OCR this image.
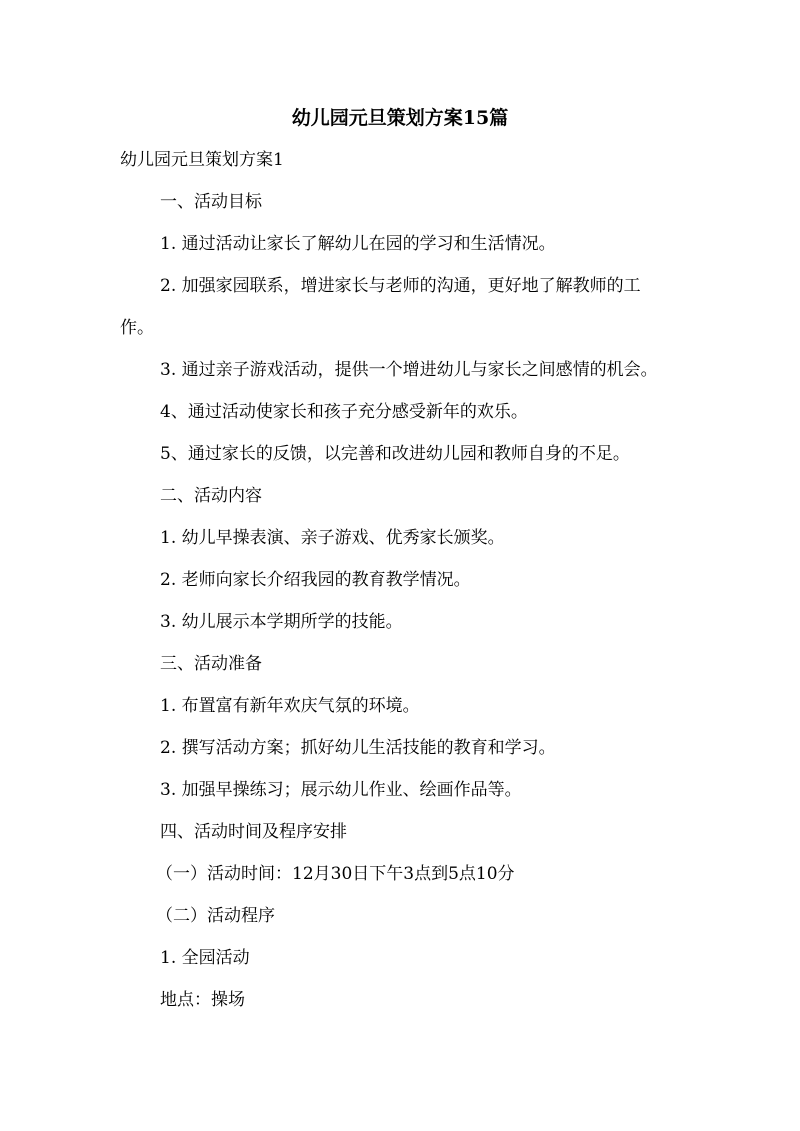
幼儿园元旦策划方案15篇
幼儿园元旦策划方案1
一、活动目标
1. 通过活动让家长了解幼儿在园的学习和生活情况。
2. 加强家园联系，增进家长与老师的沟通，更好地了解教师的工
作。
3. 通过亲子游戏活动，提供一个增进幼儿与家长之间感情的机会。
4、通过活动使家长和孩子充分感受新年的欢乐。
5、通过家长的反馈，以完善和改进幼儿园和教师自身的不足。
二、活动内容
1. 幼儿早操表演、亲子游戏、优秀家长颁奖。
2. 老师向家长介绍我园的教育教学情况。
3. 幼儿展示本学期所学的技能。
三、活动准备
1. 布置富有新年欢庆气氛的环境。
2. 撰写活动方案；抓好幼儿生活技能的教育和学习。
3. 加强早操练习；展示幼儿作业、绘画作品等。
四、活动时间及程序安排
（一）活动时间：12月30日下午3点到5点10分
（二）活动程序
1. 全园活动
地点：操场
